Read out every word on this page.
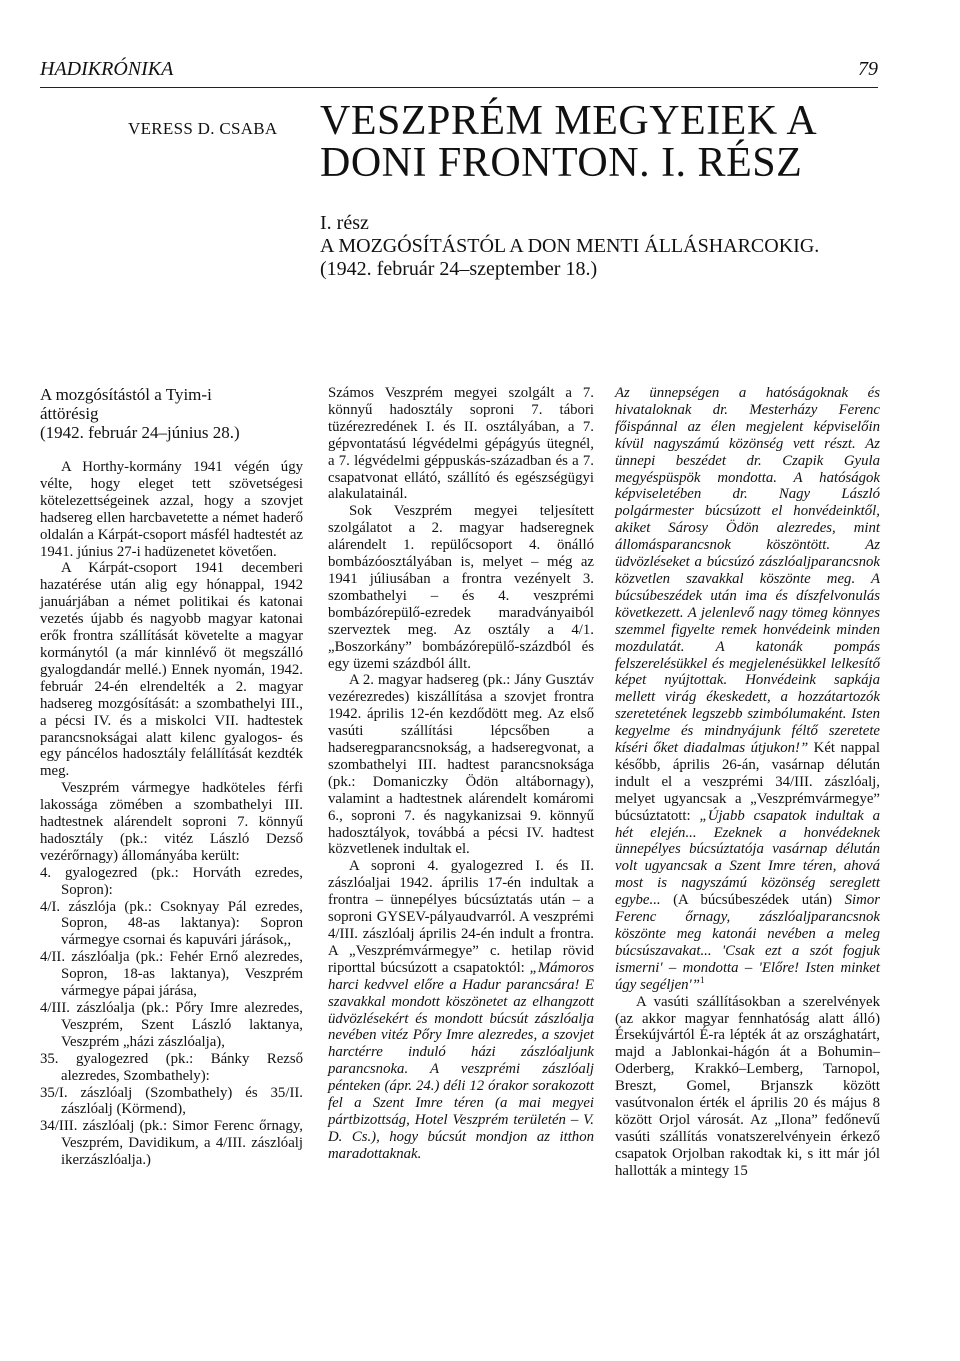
HADIKRÓNIKA	79
VERESS D. CSABA VESZPRÉM MEGYEIEK A
DONI FRONTON. I. RÉSZ
I. rész
A MOZGÓSÍTÁSTÓL A DON MENTI ÁLLÁSHARCOKIG.
(1942. február 24–szeptember 18.)
A mozgósítástól a Tyim-i
áttörésig
(1942. február 24–június 28.)

A Horthy-kormány 1941 végén úgy vélte, hogy eleget tett szövetségesi kötelezettségeinek azzal, hogy a szovjet hadsereg ellen harcbavetette a német haderő oldalán a Kárpát-csoport másfél hadtestét az 1941. június 27-i hadüzenetet követően.

A Kárpát-csoport 1941 decemberi hazatérése után alig egy hónappal, 1942 januárjában a német politikai és katonai vezetés újabb és nagyobb magyar katonai erők frontra szállítását követelte a magyar kormánytól (a már kinnlévő öt megszálló gyalogdandár mellé.) Ennek nyomán, 1942. február 24-én elrendelték a 2. magyar hadsereg mozgósítását: a szombathelyi III., a pécsi IV. és a miskolci VII. hadtestek parancsnokságai alatt kilenc gyalogos- és egy páncélos hadosztály felállítását kezdték meg.

Veszprém vármegye hadköteles férfi lakossága zömében a szombathelyi III. hadtestnek alárendelt soproni 7. könnyű hadosztály (pk.: vitéz László Dezső vezérőrnagy) állományába került:

4. gyalogezred (pk.: Horváth ezredes, Sopron):

4/I. zászlója (pk.: Csoknyay Pál ezredes, Sopron, 48-as laktanya): Sopron vármegye csornai és kapuvári járások,,

4/II. zászlóalja (pk.: Fehér Ernő alezredes, Sopron, 18-as laktanya), Veszprém vármegye pápai járása,

4/III. zászlóalja (pk.: Pőry Imre alezredes, Veszprém, Szent László laktanya, Veszprém „házi zászlóalja),

35. gyalogezred (pk.: Bánky Rezső alezredes, Szombathely):

35/I. zászlóalj (Szombathely) és 35/II. zászlóalj (Körmend),

34/III. zászlóalj (pk.: Simor Ferenc őrnagy, Veszprém, Davidikum, a 4/III. zászlóalj ikerzászlóalja.)

Számos Veszprém megyei szolgált a 7. könnyű hadosztály soproni 7. tábori tüzérezredének I. és II. osztályában, a 7. gépvontatású légvédelmi gépágyús ütegnél, a 7. légvédelmi géppuskás-században és a 7. csapatvonat ellátó, szállító és egészségügyi alakulatainál.

Sok Veszprém megyei teljesített szolgálatot a 2. magyar hadseregnek alárendelt 1. repülőcsoport 4. önálló bombázóosztályában is, melyet – még az 1941 júliusában a frontra vezényelt 3. szombathelyi – és 4. veszprémi bombázórepülő-ezredek maradványaiból szerveztek meg. Az osztály a 4/1. „Boszorkány” bombázórepülő-százdból és egy üzemi százdból állt.

A 2. magyar hadsereg (pk.: Jány Gusztáv vezérezredes) kiszállítása a szovjet frontra 1942. április 12-én kezdődött meg. Az első vasúti szállítási lépcsőben a hadseregparancsnokság, a hadseregvonat, a szombathelyi III. hadtest parancsnoksága (pk.: Domaniczky Ödön altábornagy), valamint a hadtestnek alárendelt komáromi 6., soproni 7. és nagykanizsai 9. könnyű hadosztályok, továbbá a pécsi IV. hadtest közvetlenek indultak el.

A soproni 4. gyalogezred I. és II. zászlóaljai 1942. április 17-én indultak a frontra – ünnepélyes búcsúztatás után – a soproni GYSEV-pályaudvarról. A veszprémi 4/III. zászlóalj április 24-én indult a frontra. A „Veszprémvármegye” c. hetilap rövid riporttal búcsúzott a csapatoktól: „Mámoros harci kedvvel előre a Hadur parancsára! E szavakkal mondott köszönetet az elhangzott üdvözlésekért és mondott búcsút zászlóalja nevében vitéz Pőry Imre alezredes, a szovjet harctérre induló házi zászlóaljunk parancsnoka. A veszprémi zászlóalj pénteken (ápr. 24.) déli 12 órakor sorakozott fel a Szent Imre téren (a mai megyei pártbizottság, Hotel Veszprém területén – V. D. Cs.), hogy búcsút mondjon az itthon maradottaknak.

Az ünnepségen a hatóságoknak és hivataloknak dr. Mesterházy Ferenc főispánnal az élen megjelent képviselőin kívül nagyszámú közönség vett részt. Az ünnepi beszédet dr. Czapik Gyula megyéspüspök mondotta. A hatóságok képviseletében dr. Nagy László polgármester búcsúzott el honvédeinktől, akiket Sárosy Ödön alezredes, mint állomásparancsnok köszöntött. Az üdvözléseket a búcsúzó zászlóaljparancsnok közvetlen szavakkal köszönte meg. A búcsúbeszédek után ima és díszfelvonulás következett. A jelenlevő nagy tömeg könnyes szemmel figyelte remek honvédeink minden mozdulatát. A katonák pompás felszerelésükkel és megjelenésükkel lelkesítő képet nyújtottak. Honvédeink sapkája mellett virág ékeskedett, a hozzátartozók szeretetének legszebb szimbólumaként. Isten kegyelme és mindnyájunk féltő szeretete kíséri őket diadalmas útjukon!” Két nappal később, április 26-án, vasárnap délután indult el a veszprémi 34/III. zászlóalj, melyet ugyancsak a „Veszprémvármegye” búcsúztatott: „Újabb csapatok indultak a hét elején... Ezeknek a honvédeknek ünnepélyes búcsúztatója vasárnap délután volt ugyancsak a Szent Imre téren, ahová most is nagyszámú közönség sereglett egybe... (A búcsúbeszédek után) Simor Ferenc őrnagy, zászlóaljparancsnok köszönte meg katonái nevében a meleg búcsúszavakat... 'Csak ezt a szót fogjuk ismerni' – mondotta – 'Előre! Isten minket úgy segéljen'”$^1$

A vasúti szállításokban a szerelvények (az akkor magyar fennhatóság alatt álló) Érsekújvártól É-ra lépték át az országhatárt, majd a Jablonkai-hágón át a Bohumin–Oderberg, Krakkó–Lemberg, Tarnopol, Breszt, Gomel, Brjanszk között vasútvonalon érték el április 20 és május 8 között Orjol városát. Az „Ilona” fedőnevű vasúti szállítás vonatszerelvényein érkező csapatok Orjolban rakodtak ki, s itt már jól hallották a mintegy 15
